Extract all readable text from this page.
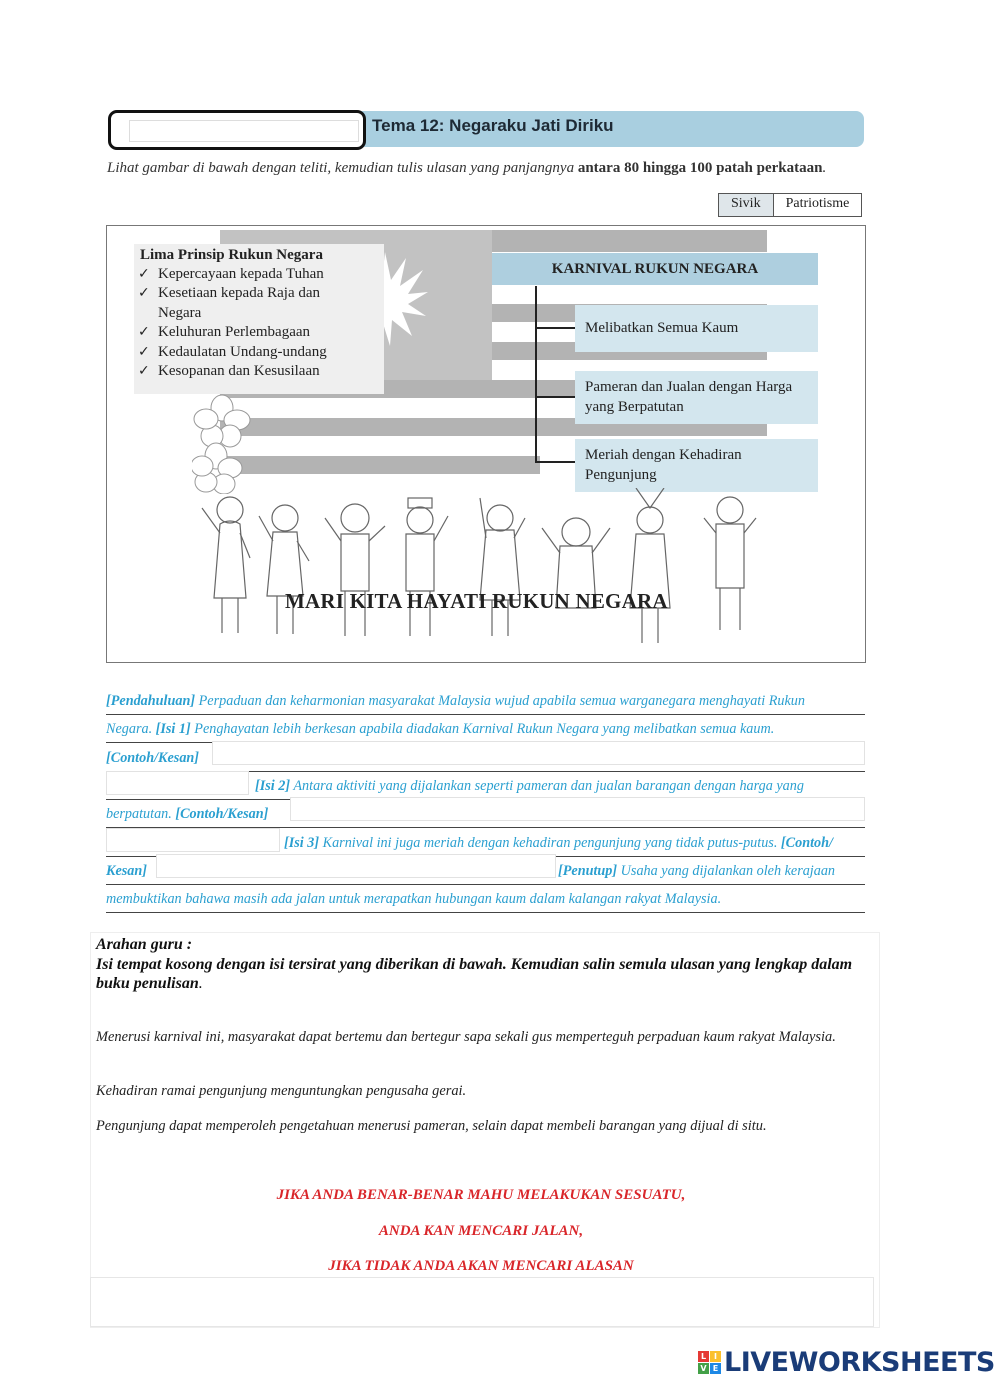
Tema 12: Negaraku Jati Diriku
Lihat gambar di bawah dengan teliti, kemudian tulis ulasan yang panjangnya antara 80 hingga 100 patah perkataan.
Sivik	Patriotisme
Lima Prinsip Rukun Negara
✓ Kepercayaan kepada Tuhan
✓ Kesetiaan kepada Raja dan
Negara
✓ Keluhuran Perlembagaan
✓ Kedaulatan Undang-undang
✓ Kesopanan dan Kesusilaan
KARNIVAL RUKUN NEGARA
Melibatkan Semua Kaum
Pameran dan Jualan dengan Harga yang Berpatutan
Meriah dengan Kehadiran Pengunjung
MARI KITA HAYATI RUKUN NEGARA
[Pendahuluan] Perpaduan dan keharmonian masyarakat Malaysia wujud apabila semua warganegara menghayati Rukun
Negara. [Isi 1] Penghayatan lebih berkesan apabila diadakan Karnival Rukun Negara yang melibatkan semua kaum.
[Contoh/Kesan]
[Isi 2] Antara aktiviti yang dijalankan seperti pameran dan jualan barangan dengan harga yang
berpatutan. [Contoh/Kesan]
[Isi 3] Karnival ini juga meriah dengan kehadiran pengunjung yang tidak putus-putus. [Contoh/
Kesan]	[Penutup] Usaha yang dijalankan oleh kerajaan
membuktikan bahawa masih ada jalan untuk merapatkan hubungan kaum dalam kalangan rakyat Malaysia.
Arahan guru :
Isi tempat kosong dengan isi tersirat yang diberikan di bawah. Kemudian salin semula ulasan yang lengkap dalam buku penulisan.
Menerusi karnival ini, masyarakat dapat bertemu dan bertegur sapa sekali gus memperteguh perpaduan kaum rakyat Malaysia.
Kehadiran ramai pengunjung menguntungkan pengusaha gerai.
Pengunjung dapat memperoleh pengetahuan menerusi pameran, selain dapat membeli barangan yang dijual di situ.
JIKA ANDA BENAR-BENAR MAHU MELAKUKAN SESUATU,
ANDA KAN MENCARI JALAN,
JIKA TIDAK ANDA AKAN MENCARI ALASAN
L I
V E LIVEWORKSHEETS
